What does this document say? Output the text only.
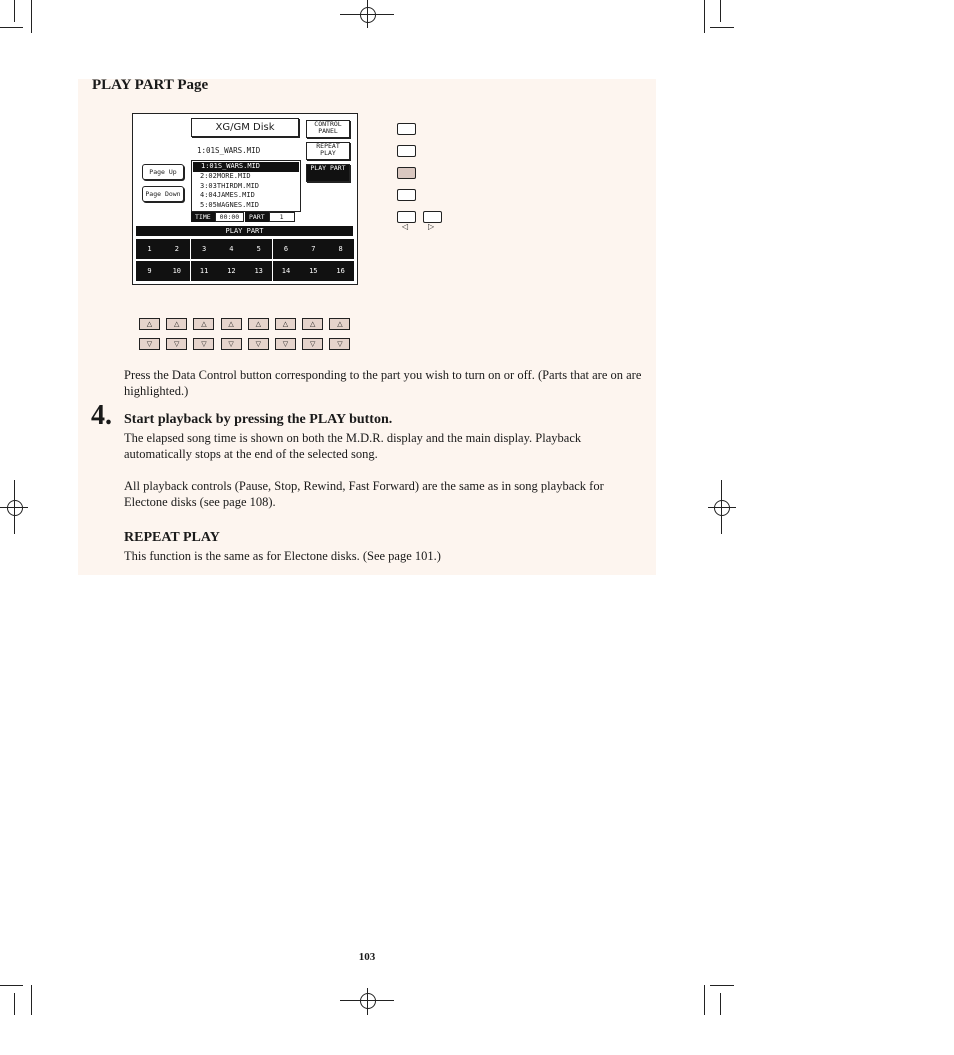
PLAY PART Page
XG/GM Disk	CONTROL PANEL
REPEAT PLAY
PLAY PART
1:01S_WARS.MID
Page Up
Page Down
1:01S_WARS.MID
2:02MORE.MID
3:03THIRDM.MID
4:04JAMES.MID
5:05WAGNES.MID
TIME 00:00	PART 1
PLAY PART
1	2	3	4	5	6	7	8
9	10	11	12	13	14	15	16
◁ ▷
△
▽
△
▽
△
▽
△
▽
△
▽
△
▽
△
▽
△
▽
Press the Data Control button corresponding to the part you wish to turn on or off. (Parts that are on are highlighted.)
4. Start playback by pressing the PLAY button.
The elapsed song time is shown on both the M.D.R. display and the main display. Playback automatically stops at the end of the selected song.
All playback controls (Pause, Stop, Rewind, Fast Forward) are the same as in song playback for Electone disks (see page 108).
REPEAT PLAY
This function is the same as for Electone disks. (See page 101.)
103
